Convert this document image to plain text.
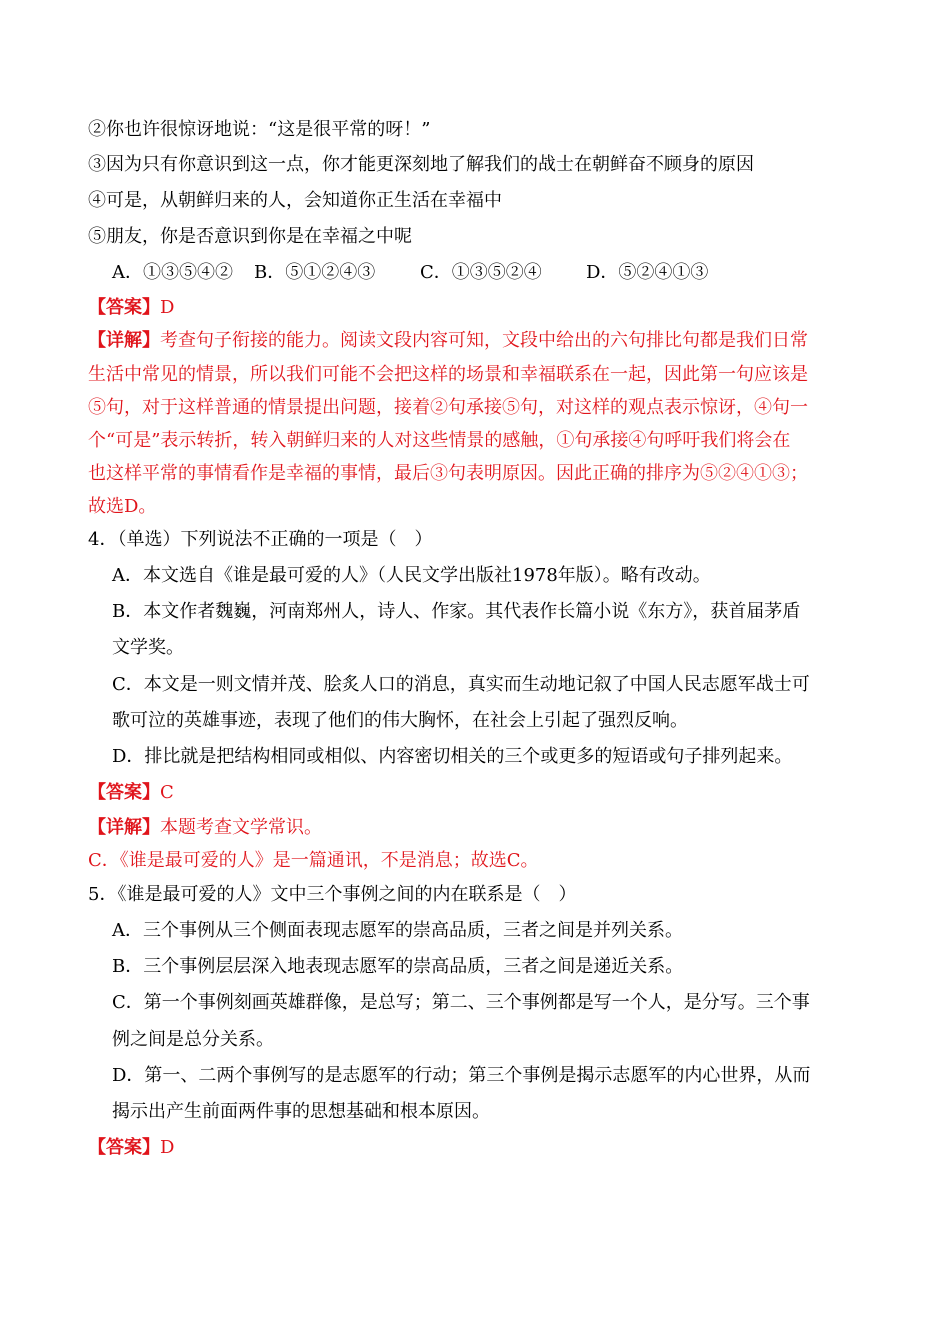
②你也许很惊讶地说：“这是很平常的呀！”
③因为只有你意识到这一点，你才能更深刻地了解我们的战士在朝鲜奋不顾身的原因
④可是，从朝鲜归来的人，会知道你正生活在幸福中
⑤朋友，你是否意识到你是在幸福之中呢
A．①③⑤④② B．⑤①②④③ C．①③⑤②④ D．⑤②④①③
【答案】D
【详解】考查句子衔接的能力。阅读文段内容可知，文段中给出的六句排比句都是我们日常
生活中常见的情景，所以我们可能不会把这样的场景和幸福联系在一起，因此第一句应该是
⑤句，对于这样普通的情景提出问题，接着②句承接⑤句，对这样的观点表示惊讶，④句一
个“可是”表示转折，转入朝鲜归来的人对这些情景的感触，①句承接④句呼吁我们将会在
也这样平常的事情看作是幸福的事情，最后③句表明原因。因此正确的排序为⑤②④①③；
故选D。
4．（单选）下列说法不正确的一项是（　）
A．本文选自《谁是最可爱的人》（人民文学出版社1978年版）。略有改动。
B．本文作者魏巍，河南郑州人，诗人、作家。其代表作长篇小说《东方》，获首届茅盾
文学奖。
C．本文是一则文情并茂、脍炙人口的消息，真实而生动地记叙了中国人民志愿军战士可
歌可泣的英雄事迹，表现了他们的伟大胸怀，在社会上引起了强烈反响。
D．排比就是把结构相同或相似、内容密切相关的三个或更多的短语或句子排列起来。
【答案】C
【详解】本题考查文学常识。
C．《谁是最可爱的人》是一篇通讯，不是消息；故选C。
5．《谁是最可爱的人》文中三个事例之间的内在联系是（　）
A．三个事例从三个侧面表现志愿军的崇高品质，三者之间是并列关系。
B．三个事例层层深入地表现志愿军的崇高品质，三者之间是递近关系。
C．第一个事例刻画英雄群像，是总写；第二、三个事例都是写一个人，是分写。三个事
例之间是总分关系。
D．第一、二两个事例写的是志愿军的行动；第三个事例是揭示志愿军的内心世界，从而
揭示出产生前面两件事的思想基础和根本原因。
【答案】D
